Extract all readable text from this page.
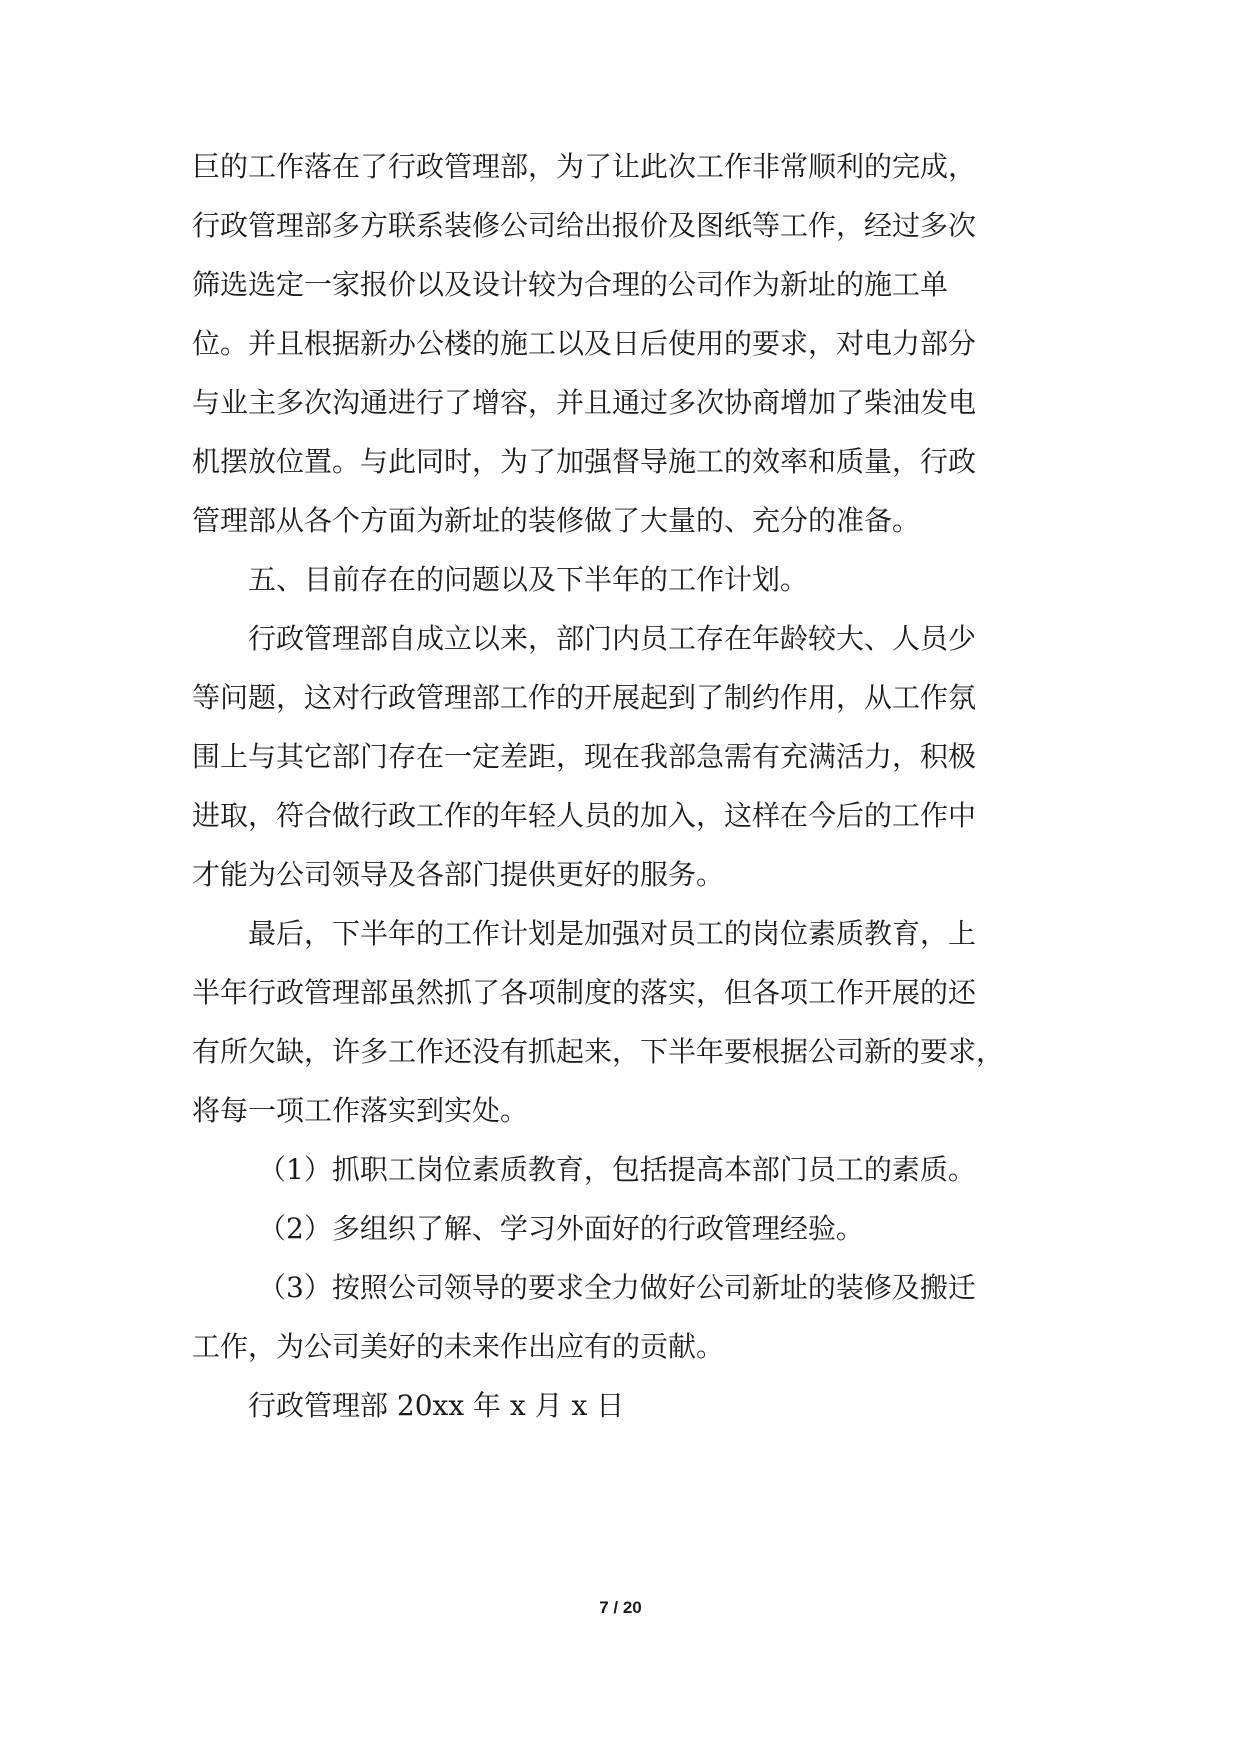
巨的工作落在了行政管理部，为了让此次工作非常顺利的完成，
行政管理部多方联系装修公司给出报价及图纸等工作，经过多次
筛选选定一家报价以及设计较为合理的公司作为新址的施工单
位。并且根据新办公楼的施工以及日后使用的要求，对电力部分
与业主多次沟通进行了增容，并且通过多次协商增加了柴油发电
机摆放位置。与此同时，为了加强督导施工的效率和质量，行政
管理部从各个方面为新址的装修做了大量的、充分的准备。
五、目前存在的问题以及下半年的工作计划。
行政管理部自成立以来，部门内员工存在年龄较大、人员少
等问题，这对行政管理部工作的开展起到了制约作用，从工作氛
围上与其它部门存在一定差距，现在我部急需有充满活力，积极
进取，符合做行政工作的年轻人员的加入，这样在今后的工作中
才能为公司领导及各部门提供更好的服务。
最后，下半年的工作计划是加强对员工的岗位素质教育，上
半年行政管理部虽然抓了各项制度的落实，但各项工作开展的还
有所欠缺，许多工作还没有抓起来，下半年要根据公司新的要求，
将每一项工作落实到实处。
（1）抓职工岗位素质教育，包括提高本部门员工的素质。
（2）多组织了解、学习外面好的行政管理经验。
（3）按照公司领导的要求全力做好公司新址的装修及搬迁
工作，为公司美好的未来作出应有的贡献。
行政管理部 20xx 年 x 月 x 日
7 / 20
